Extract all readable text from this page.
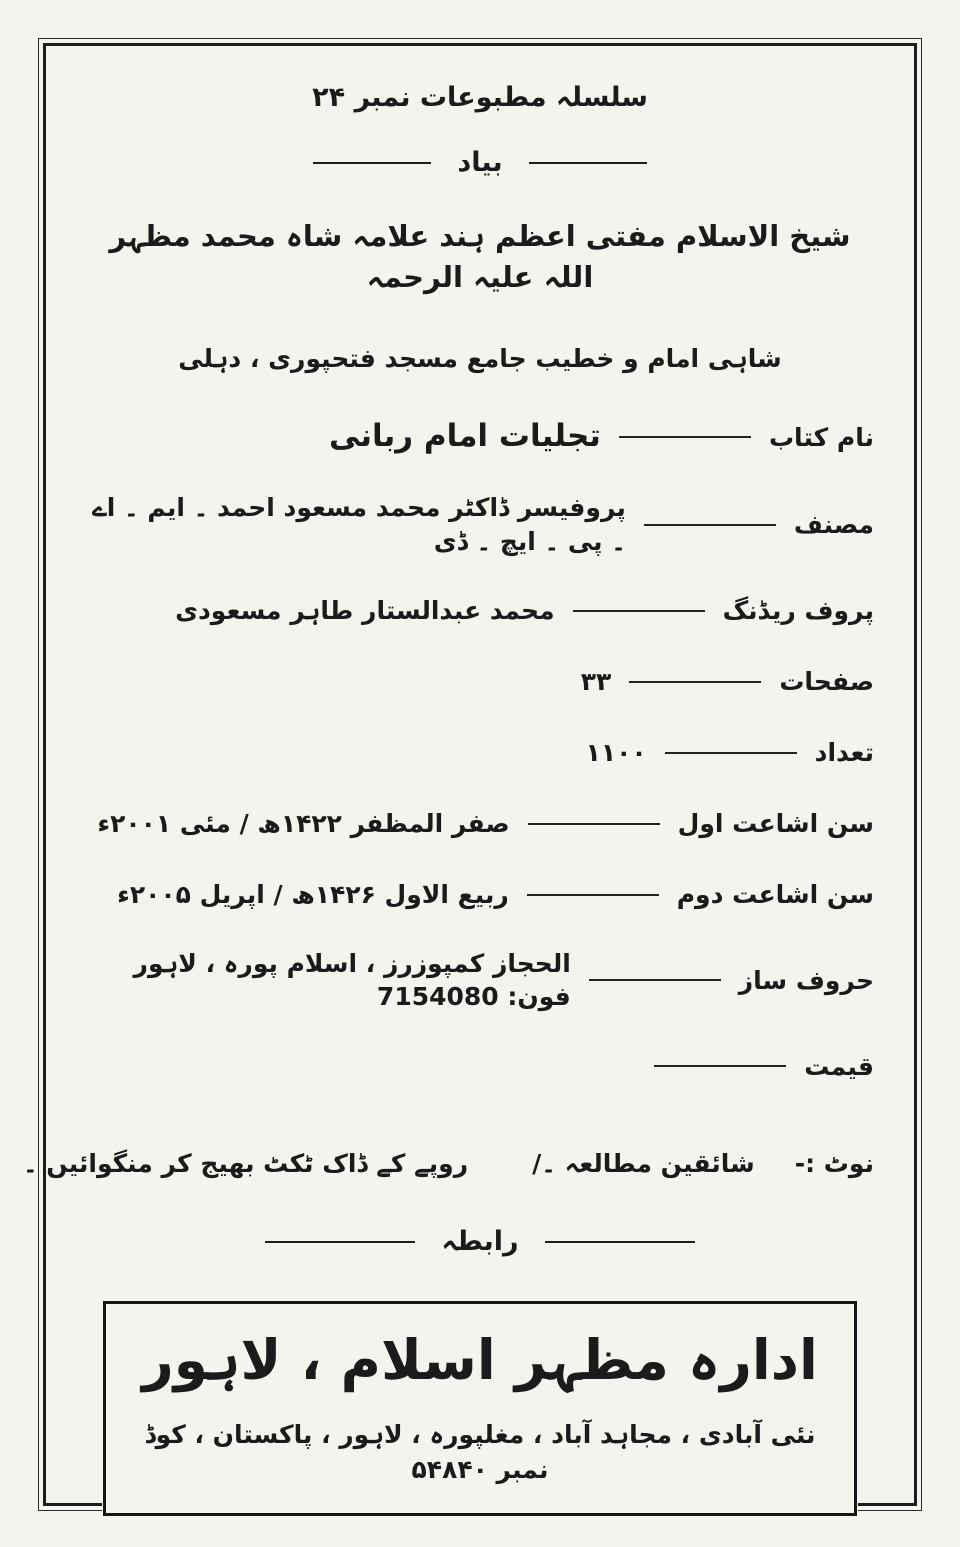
سلسلہ مطبوعات نمبر ۲۴
بیاد
شیخ الاسلام مفتی اعظم ہند علامہ شاہ محمد مظہر اللہ علیہ الرحمہ
شاہی امام و خطیب جامع مسجد فتحپوری ، دہلی
نام کتاب
تجلیات امام ربانی
مصنف
پروفیسر ڈاکٹر محمد مسعود احمد ۔ ایم ۔ اے ۔ پی ۔ ایچ ۔ ڈی
پروف ریڈنگ
محمد عبدالستار طاہر مسعودی
صفحات
۳۳
تعداد
۱۱۰۰
سن اشاعت اول
صفر المظفر ۱۴۲۲ھ / مئی ۲۰۰۱ء
سن اشاعت دوم
ربیع الاول ۱۴۲۶ھ / اپریل ۲۰۰۵ء
حروف ساز
الحجاز کمپوزرز ، اسلام پورہ ، لاہور فون: 7154080
قیمت
نوٹ :-
شائقین مطالعہ ۔/
روپے کے ڈاک ٹکٹ بھیج کر منگوائیں ۔
رابطہ
ادارہ مظہر اسلام ، لاہور
نئی آبادی ، مجاہد آباد ، مغلپورہ ، لاہور ، پاکستان ، کوڈ نمبر ۵۴۸۴۰
